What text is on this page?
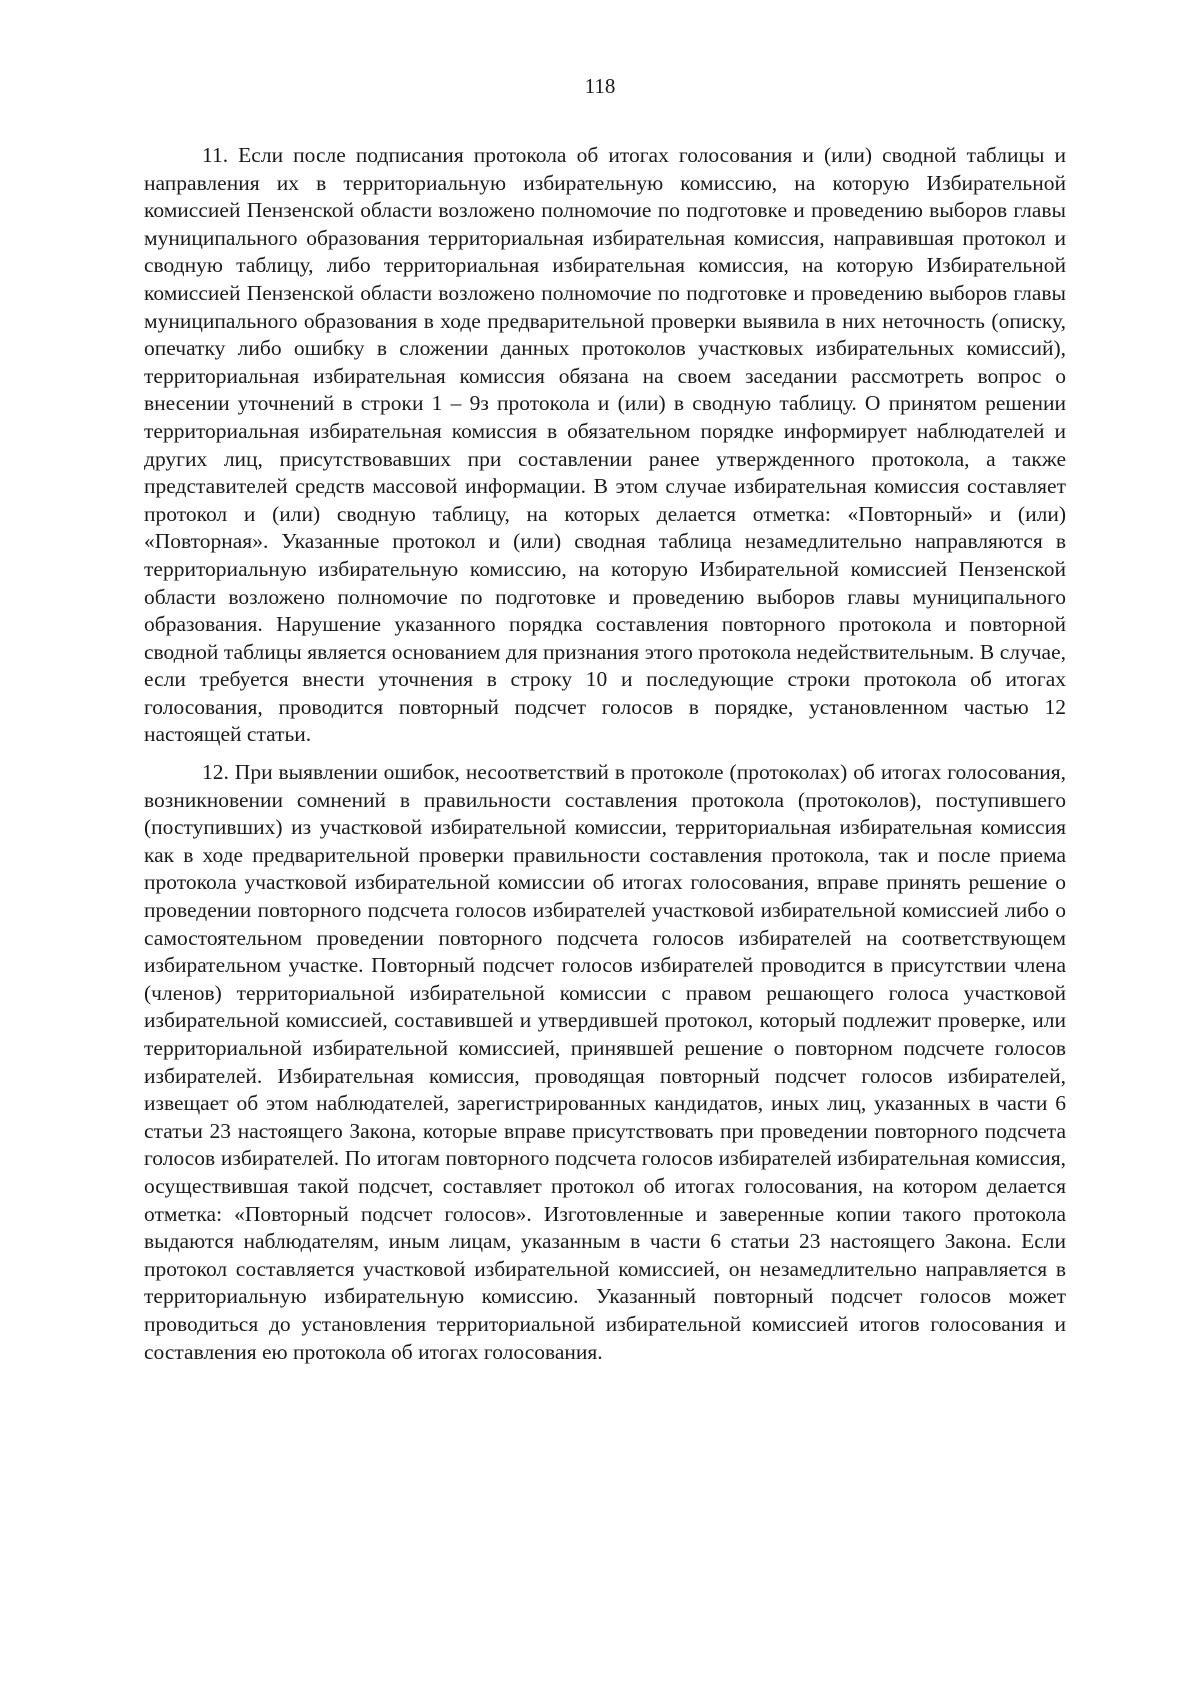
118

11. Если после подписания протокола об итогах голосования и (или) сводной таблицы и направления их в территориальную избирательную комиссию, на которую Избирательной комиссией Пензенской области возложено полномочие по подготовке и проведению выборов главы муниципального образования территориальная избирательная комиссия, направившая протокол и сводную таблицу, либо территориальная избирательная комиссия, на которую Избирательной комиссией Пензенской области возложено полномочие по подготовке и проведению выборов главы муниципального образования в ходе предварительной проверки выявила в них неточность (описку, опечатку либо ошибку в сложении данных протоколов участковых избирательных комиссий), территориальная избирательная комиссия обязана на своем заседании рассмотреть вопрос о внесении уточнений в строки 1 – 9з протокола и (или) в сводную таблицу. О принятом решении территориальная избирательная комиссия в обязательном порядке информирует наблюдателей и других лиц, присутствовавших при составлении ранее утвержденного протокола, а также представителей средств массовой информации. В этом случае избирательная комиссия составляет протокол и (или) сводную таблицу, на которых делается отметка: «Повторный» и (или) «Повторная». Указанные протокол и (или) сводная таблица незамедлительно направляются в территориальную избирательную комиссию, на которую Избирательной комиссией Пензенской области возложено полномочие по подготовке и проведению выборов главы муниципального образования. Нарушение указанного порядка составления повторного протокола и повторной сводной таблицы является основанием для признания этого протокола недействительным. В случае, если требуется внести уточнения в строку 10 и последующие строки протокола об итогах голосования, проводится повторный подсчет голосов в порядке, установленном частью 12 настоящей статьи.

12. При выявлении ошибок, несоответствий в протоколе (протоколах) об итогах голосования, возникновении сомнений в правильности составления протокола (протоколов), поступившего (поступивших) из участковой избирательной комиссии, территориальная избирательная комиссия как в ходе предварительной проверки правильности составления протокола, так и после приема протокола участковой избирательной комиссии об итогах голосования, вправе принять решение о проведении повторного подсчета голосов избирателей участковой избирательной комиссией либо о самостоятельном проведении повторного подсчета голосов избирателей на соответствующем избирательном участке. Повторный подсчет голосов избирателей проводится в присутствии члена (членов) территориальной избирательной комиссии с правом решающего голоса участковой избирательной комиссией, составившей и утвердившей протокол, который подлежит проверке, или территориальной избирательной комиссией, принявшей решение о повторном подсчете голосов избирателей. Избирательная комиссия, проводящая повторный подсчет голосов избирателей, извещает об этом наблюдателей, зарегистрированных кандидатов, иных лиц, указанных в части 6 статьи 23 настоящего Закона, которые вправе присутствовать при проведении повторного подсчета голосов избирателей. По итогам повторного подсчета голосов избирателей избирательная комиссия, осуществившая такой подсчет, составляет протокол об итогах голосования, на котором делается отметка: «Повторный подсчет голосов». Изготовленные и заверенные копии такого протокола выдаются наблюдателям, иным лицам, указанным в части 6 статьи 23 настоящего Закона. Если протокол составляется участковой избирательной комиссией, он незамедлительно направляется в территориальную избирательную комиссию. Указанный повторный подсчет голосов может проводиться до установления территориальной избирательной комиссией итогов голосования и составления ею протокола об итогах голосования.
